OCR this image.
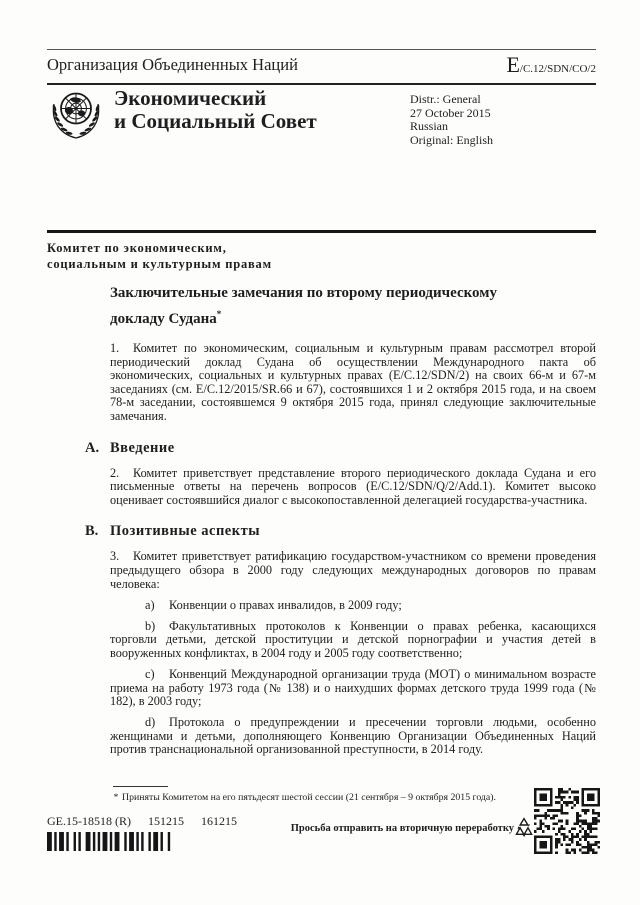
Организация Объединенных Наций	E/C.12/SDN/CO/2
Экономический
и Социальный Совет
Distr.: General
27 October 2015
Russian
Original: English
Комитет по экономическим,
социальным и культурным правам
Заключительные замечания по второму периодическому докладу Судана*

1. Комитет по экономическим, социальным и культурным правам рассмотрел второй периодический доклад Судана об осуществлении Международного пакта об экономических, социальных и культурных правах (E/C.12/SDN/2) на своих 66-м и 67-м заседаниях (см. E/C.12/2015/SR.66 и 67), состоявшихся 1 и 2 октября 2015 года, и на своем 78-м заседании, состоявшемся 9 октября 2015 года, принял следующие заключительные замечания.

A. Введение

2. Комитет приветствует представление второго периодического доклада Судана и его письменные ответы на перечень вопросов (E/C.12/SDN/Q/2/Add.1). Комитет высоко оценивает состоявшийся диалог с высокопоставленной делегацией государства-участника.

B. Позитивные аспекты

3. Комитет приветствует ратификацию государством-участником со времени проведения предыдущего обзора в 2000 году следующих международных договоров по правам человека:

a) Конвенции о правах инвалидов, в 2009 году;

b) Факультативных протоколов к Конвенции о правах ребенка, касающихся торговли детьми, детской проституции и детской порнографии и участия детей в вооруженных конфликтах, в 2004 году и 2005 году соответственно;

c) Конвенций Международной организации труда (МОТ) о минимальном возрасте приема на работу 1973 года (№ 138) и о наихудших формах детского труда 1999 года (№ 182), в 2003 году;

d) Протокола о предупреждении и пресечении торговли людьми, особенно женщинами и детьми, дополняющего Конвенцию Организации Объединенных Наций против транснациональной организованной преступности, в 2014 году.

* Приняты Комитетом на его пятьдесят шестой сессии (21 сентября – 9 октября 2015 года).
GE.15-18518 (R) 151215 161215
Просьба отправить на вторичную переработку
